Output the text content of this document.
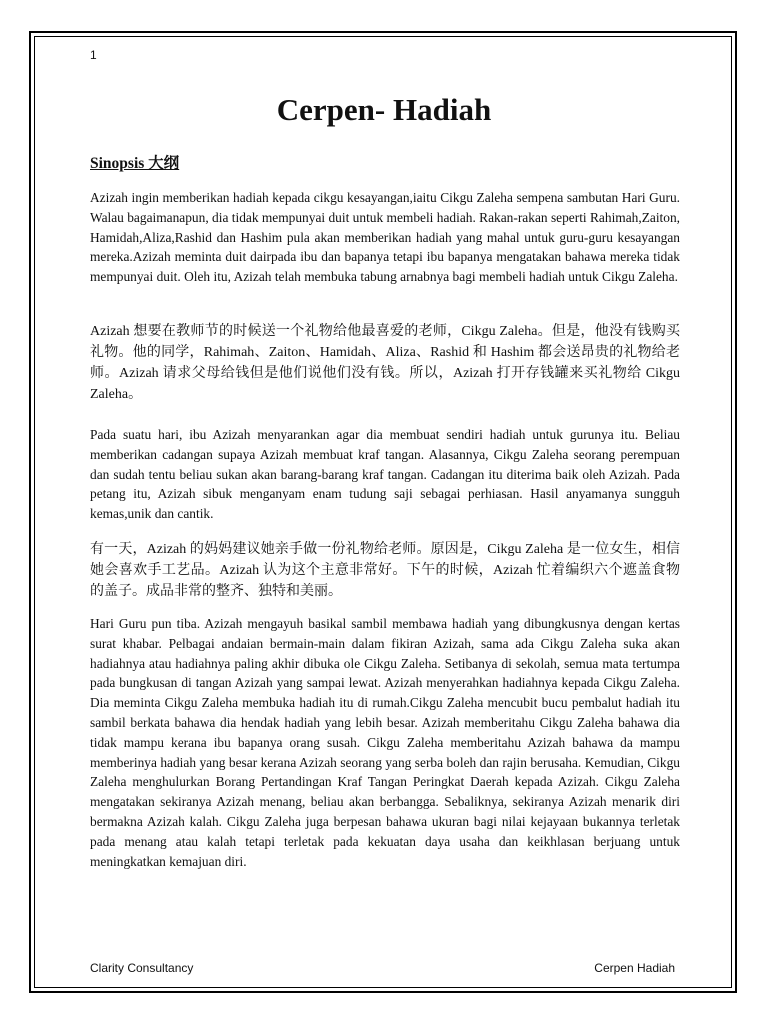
1
Cerpen- Hadiah
Sinopsis 大纲

Azizah ingin memberikan hadiah kepada cikgu kesayangan,iaitu Cikgu Zaleha sempena sambutan Hari Guru. Walau bagaimanapun, dia tidak mempunyai duit untuk membeli hadiah. Rakan-rakan seperti Rahimah,Zaiton, Hamidah,Aliza,Rashid dan Hashim pula akan memberikan hadiah yang mahal untuk guru-guru kesayangan mereka.Azizah meminta duit dairpada ibu dan bapanya tetapi ibu bapanya mengatakan bahawa mereka tidak mempunyai duit. Oleh itu, Azizah telah membuka tabung arnabnya bagi membeli hadiah untuk Cikgu Zaleha.

Azizah 想要在教师节的时候送一个礼物给他最喜爱的老师，Cikgu Zaleha。但是，他没有钱购买礼物。他的同学，Rahimah、Zaiton、Hamidah、Aliza、Rashid 和 Hashim 都会送昂贵的礼物给老师。Azizah 请求父母给钱但是他们说他们没有钱。所以，Azizah 打开存钱罐来买礼物给 Cikgu Zaleha。

Pada suatu hari, ibu Azizah menyarankan agar dia membuat sendiri hadiah untuk gurunya itu. Beliau memberikan cadangan supaya Azizah membuat kraf tangan. Alasannya, Cikgu Zaleha seorang perempuan dan sudah tentu beliau sukan akan barang-barang kraf tangan. Cadangan itu diterima baik oleh Azizah. Pada petang itu, Azizah sibuk menganyam enam tudung saji sebagai perhiasan. Hasil anyamanya sungguh kemas,unik dan cantik.

有一天，Azizah 的妈妈建议她亲手做一份礼物给老师。原因是，Cikgu Zaleha 是一位女生，相信她会喜欢手工艺品。Azizah 认为这个主意非常好。下午的时候，Azizah 忙着编织六个遮盖食物的盖子。成品非常的整齐、独特和美丽。

Hari Guru pun tiba. Azizah mengayuh basikal sambil membawa hadiah yang dibungkusnya dengan kertas surat khabar. Pelbagai andaian bermain-main dalam fikiran Azizah, sama ada Cikgu Zaleha suka akan hadiahnya atau hadiahnya paling akhir dibuka ole Cikgu Zaleha. Setibanya di sekolah, semua mata tertumpa pada bungkusan di tangan Azizah yang sampai lewat. Azizah menyerahkan hadiahnya kepada Cikgu Zaleha. Dia meminta Cikgu Zaleha membuka hadiah itu di rumah.Cikgu Zaleha mencubit bucu pembalut hadiah itu sambil berkata bahawa dia hendak hadiah yang lebih besar. Azizah memberitahu Cikgu Zaleha bahawa dia tidak mampu kerana ibu bapanya orang susah. Cikgu Zaleha memberitahu Azizah bahawa da mampu memberinya hadiah yang besar kerana Azizah seorang yang serba boleh dan rajin berusaha. Kemudian, Cikgu Zaleha menghulurkan Borang Pertandingan Kraf Tangan Peringkat Daerah kepada Azizah. Cikgu Zaleha mengatakan sekiranya Azizah menang, beliau akan berbangga. Sebaliknya, sekiranya Azizah menarik diri bermakna Azizah kalah. Cikgu Zaleha juga berpesan bahawa ukuran bagi nilai kejayaan bukannya terletak pada menang atau kalah tetapi terletak pada kekuatan daya usaha dan keikhlasan berjuang untuk meningkatkan kemajuan diri.

Clarity Consultancy	Cerpen Hadiah
